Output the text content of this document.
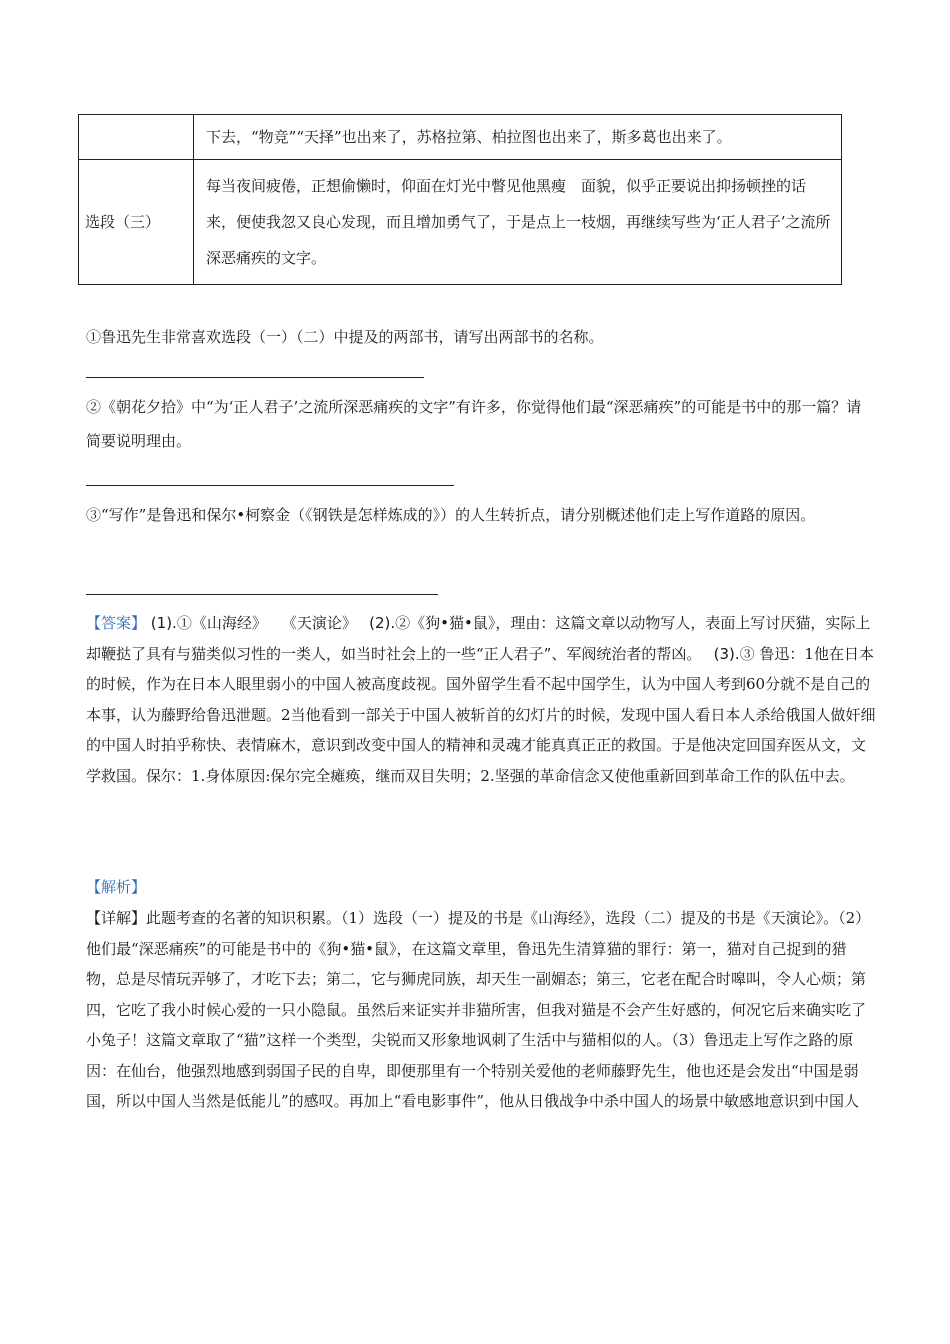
	下去，“物竞”“天择”也出来了，苏格拉第、柏拉图也出来了，斯多葛也出来了。
选段（三）	每当夜间疲倦，正想偷懒时，仰面在灯光中瞥见他黑瘦　面貌，似乎正要说出抑扬顿挫的话来，便使我忽又良心发现，而且增加勇气了，于是点上一枝烟，再继续写些为‘正人君子’之流所深恶痛疾的文字。

①鲁迅先生非常喜欢选段（一）（二）中提及的两部书，请写出两部书的名称。

②《朝花夕拾》中“为‘正人君子’之流所深恶痛疾的文字”有许多，你觉得他们最“深恶痛疾”的可能是书中的那一篇？请简要说明理由。

③“写作”是鲁迅和保尔•柯察金（《钢铁是怎样炼成的》）的人生转折点，请分别概述他们走上写作道路的原因。

【答案】 (1).①《山海经》　　《天演论》　 (2).②《狗•猫•鼠》，理由：这篇文章以动物写人，表面上写讨厌猫，实际上却鞭挞了具有与猫类似习性的一类人，如当时社会上的一些“正人君子”、军阀统治者的帮凶。　 (3).③ 鲁迅：1他在日本的时候，作为在日本人眼里弱小的中国人被高度歧视。国外留学生看不起中国学生，认为中国人考到60分就不是自己的本事，认为藤野给鲁迅泄题。2当他看到一部关于中国人被斩首的幻灯片的时候，发现中国人看日本人杀给俄国人做奸细的中国人时拍乎称快、表情麻木，意识到改变中国人的精神和灵魂才能真真正正的救国。于是他决定回国弃医从文，文学救国。保尔：1.身体原因:保尔完全瘫痪，继而双目失明；2.坚强的革命信念又使他重新回到革命工作的队伍中去。

【解析】

【详解】此题考查的名著的知识积累。（1）选段（一）提及的书是《山海经》，选段（二）提及的书是《天演论》。（2）他们最“深恶痛疾”的可能是书中的《狗•猫•鼠》，在这篇文章里，鲁迅先生清算猫的罪行：第一，猫对自己捉到的猎物，总是尽情玩弄够了，才吃下去；第二，它与狮虎同族，却天生一副媚态；第三，它老在配合时嗥叫，令人心烦；第四，它吃了我小时候心爱的一只小隐鼠。虽然后来证实并非猫所害，但我对猫是不会产生好感的，何况它后来确实吃了小兔子！这篇文章取了“猫”这样一个类型，尖锐而又形象地讽刺了生活中与猫相似的人。（3）鲁迅走上写作之路的原因：在仙台，他强烈地感到弱国子民的自卑，即便那里有一个特别关爱他的老师藤野先生，他也还是会发出“中国是弱国，所以中国人当然是低能儿”的感叹。再加上“看电影事件”，他从日俄战争中杀中国人的场景中敏感地意识到中国人
